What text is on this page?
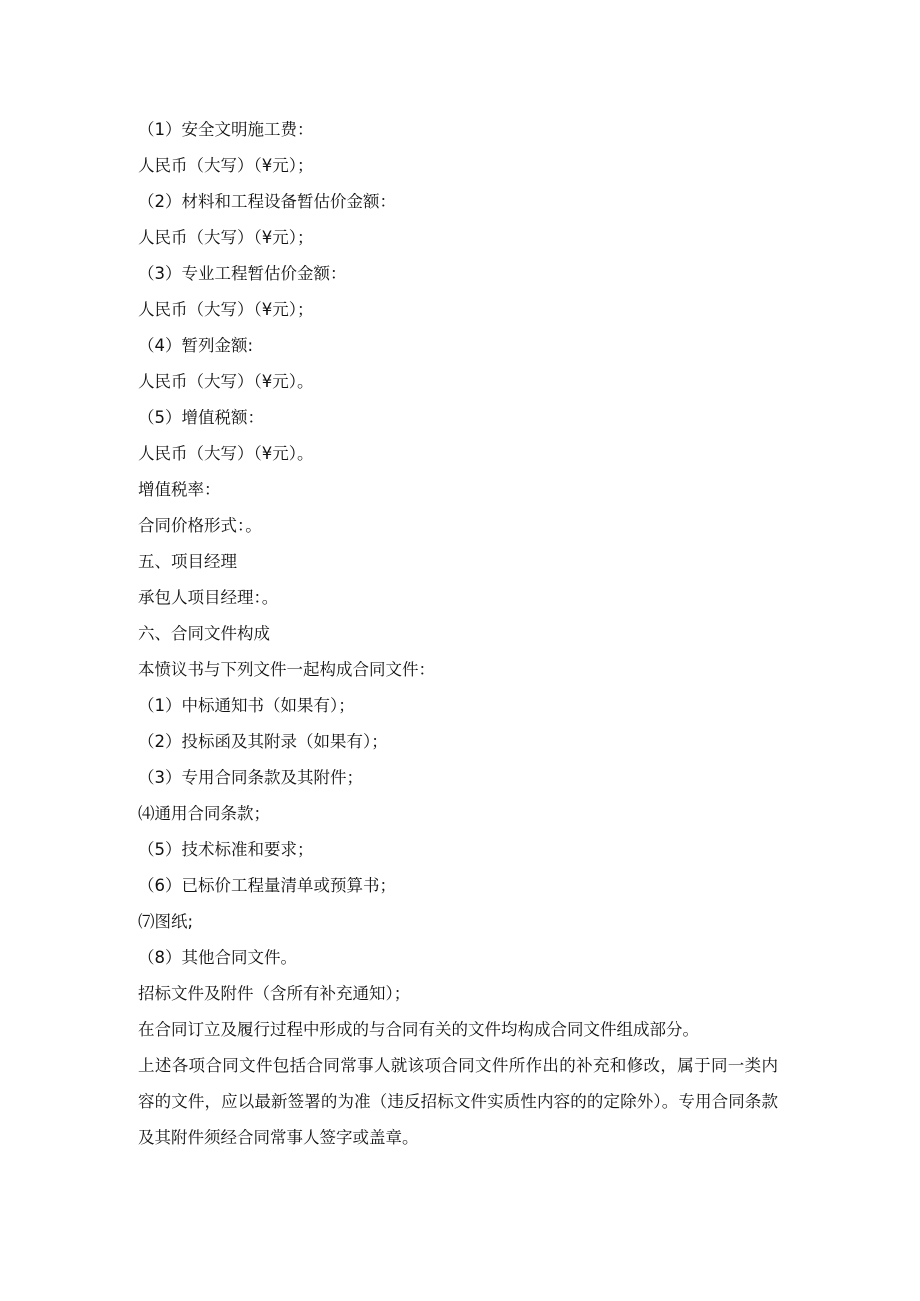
（1）安全文明施工费：
人民币（大写）（¥元）；
（2）材料和工程设备暂估价金额：
人民币（大写）（¥元）；
（3）专业工程暂估价金额：
人民币（大写）（¥元）；
（4）暂列金额:
人民币（大写）（¥元）。
（5）增值税额：
人民币（大写）（¥元）。
增值税率：
合同价格形式：。
五、项目经理
承包人项目经理：。
六、合同文件构成
本愤议书与下列文件一起构成合同文件：
（1）中标通知书（如果有）；
（2）投标函及其附录（如果有）；
（3）专用合同条款及其附件；
⑷通用合同条款；
（5）技术标准和要求；
（6）已标价工程量清单或预算书；
⑺图纸;
（8）其他合同文件。
招标文件及附件（含所有补充通知）；
在合同订立及履行过程中形成的与合同有关的文件均构成合同文件组成部分。
上述各项合同文件包括合同常事人就该项合同文件所作出的补充和修改，属于同一类内容的文件，应以最新签署的为准（违反招标文件实质性内容的的定除外）。专用合同条款及其附件须经合同常事人签字或盖章。
